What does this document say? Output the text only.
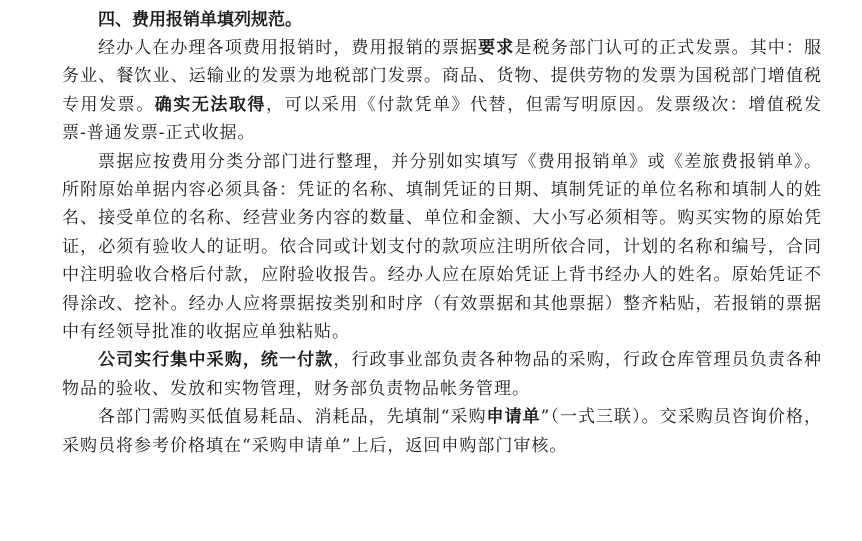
四、费用报销单填列规范。

经办人在办理各项费用报销时，费用报销的票据要求是税务部门认可的正式发票。其中：服务业、餐饮业、运输业的发票为地税部门发票。商品、货物、提供劳物的发票为国税部门增值税专用发票。确实无法取得，可以采用《付款凭单》代替，但需写明原因。发票级次：增值税发票-普通发票-正式收据。

票据应按费用分类分部门进行整理，并分别如实填写《费用报销单》或《差旅费报销单》。所附原始单据内容必须具备：凭证的名称、填制凭证的日期、填制凭证的单位名称和填制人的姓名、接受单位的名称、经营业务内容的数量、单位和金额、大小写必须相等。购买实物的原始凭证，必须有验收人的证明。依合同或计划支付的款项应注明所依合同，计划的名称和编号，合同中注明验收合格后付款，应附验收报告。经办人应在原始凭证上背书经办人的姓名。原始凭证不得涂改、挖补。经办人应将票据按类别和时序（有效票据和其他票据）整齐粘贴，若报销的票据中有经领导批准的收据应单独粘贴。

公司实行集中采购，统一付款，行政事业部负责各种物品的采购，行政仓库管理员负责各种物品的验收、发放和实物管理，财务部负责物品帐务管理。

各部门需购买低值易耗品、消耗品，先填制“采购申请单”（一式三联）。交采购员咨询价格，采购员将参考价格填在“采购申请单”上后，返回申购部门审核。
